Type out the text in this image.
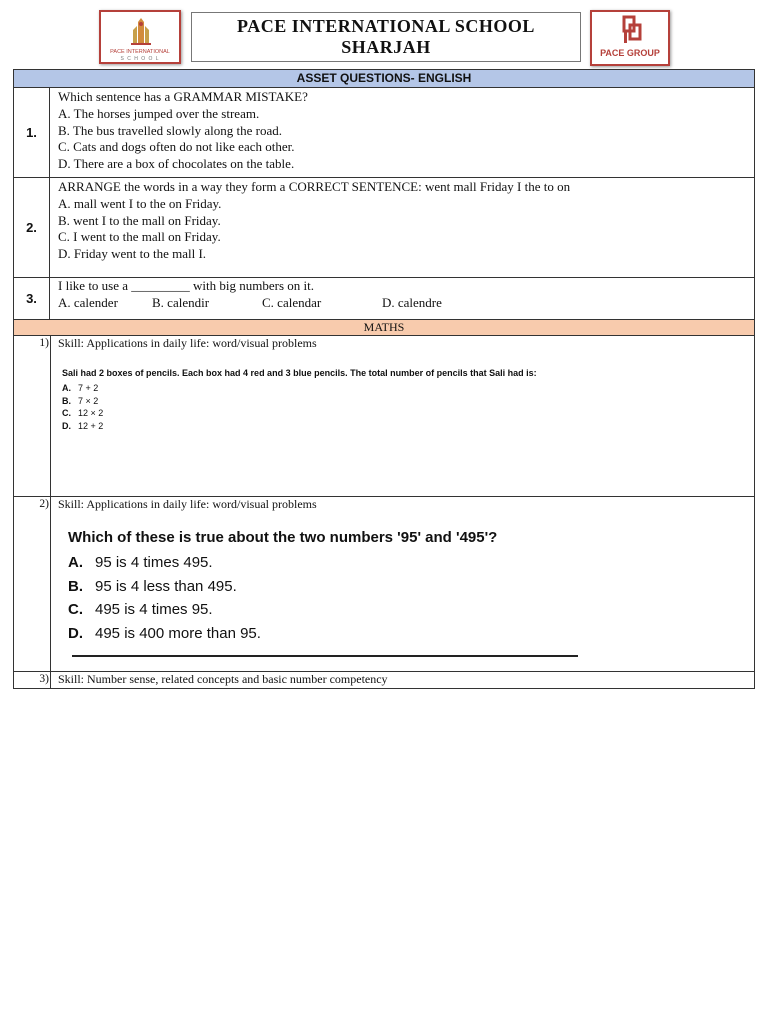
PACE INTERNATIONAL
S C H O O L
PACE INTERNATIONAL SCHOOL
SHARJAH	PACE GROUP
ASSET QUESTIONS- ENGLISH
1.
Which sentence has a GRAMMAR MISTAKE?
A. The horses jumped over the stream.
B. The bus travelled slowly along the road.
C. Cats and dogs often do not like each other.
D. There are a box of chocolates on the table.
2.
ARRANGE the words in a way they form a CORRECT SENTENCE: went mall Friday I the to on
A. mall went I to the on Friday.
B. went I to the mall on Friday.
C. I went to the mall on Friday.
D. Friday went to the mall I.
3.
I like to use a _________ with big numbers on it.
A. calender	B. calendir	C. calendar	D. calendre
MATHS
1) Skill: Applications in daily life: word/visual problems
Sali had 2 boxes of pencils. Each box had 4 red and 3 blue pencils. The total number of pencils that Sali had is:
A. 7 + 2
B. 7 × 2
C. 12 × 2
D. 12 + 2
2) Skill: Applications in daily life: word/visual problems
Which of these is true about the two numbers '95' and '495'?
A. 95 is 4 times 495.
B. 95 is 4 less than 495.
C. 495 is 4 times 95.
D. 495 is 400 more than 95.
3) Skill: Number sense, related concepts and basic number competency
